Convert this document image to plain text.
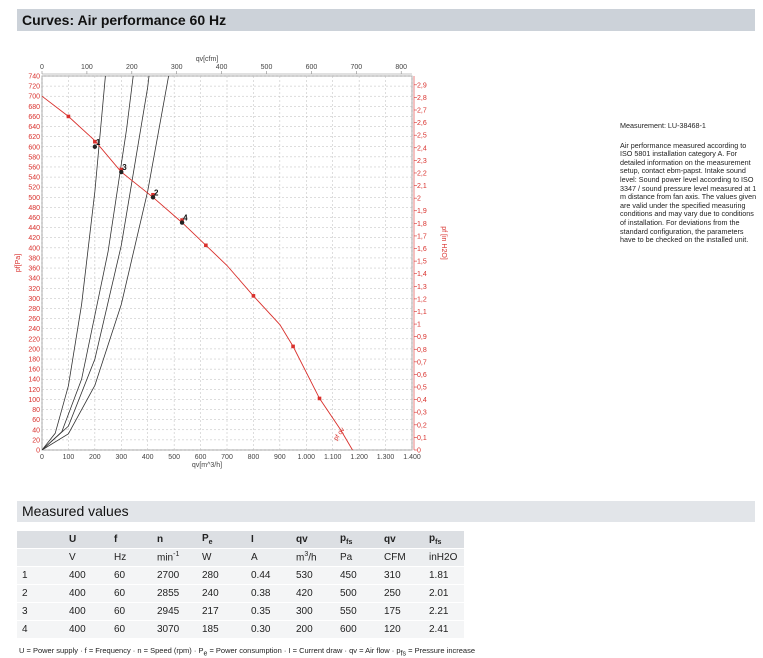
Curves: Air performance 60 Hz
0	100 200 300 400 500 600 700 800 900 1.000 1.100 1.200 1.300 1.400
qv[m^3/h]
0	100	200	300	400	500	600	700	800
qv[cfm]
0
20
40
60
80
100
120
140
160
180
200
220
240
260
280
300
320
340
360
380
400
420
440
460
480
500
520
540
560
580
600
620
640
660
680
700
720
740
pf[Pa]
0
0,1
0,2
0,3
0,4
0,5
0,6
0,7
0,8
0,9
1
1,1
1,2
1,3
1,4
1,5
1,6
1,7
1,8
1,9
2
2,1
2,2
2,3
2,4
2,5
2,6
2,7
2,8
2,9
pf [in H2O]
1
2
3
4
pf qv
Measurement: LU-38468-1
Air performance measured according to ISO 5801 installation category A. For detailed information on the measurement setup, contact ebm-papst. Intake sound level: Sound power level according to ISO 3347 / sound pressure level measured at 1 m distance from fan axis. The values given are valid under the specified measuring conditions and may vary due to conditions of installation. For deviations from the standard configuration, the parameters have to be checked on the installed unit.
Measured values
	U	f	n	$P_e$	I	qv	$p_{fs}$	qv	$p_{fs}$
	V	Hz	$\min^{-1}$	W	A	$m^3/h$	Pa	CFM	inH2O
1	400	60	2700	280	0.44	530	450	310	1.81
2	400	60	2855	240	0.38	420	500	250	2.01
3	400	60	2945	217	0.35	300	550	175	2.21
4	400	60	3070	185	0.30	200	600	120	2.41
U = Power supply · f = Frequency · n = Speed $(rpm) \cdot P_e$ = Power consumption · I = Current draw · qv = Air flow · $p_{fs}$ = Pressure increase
